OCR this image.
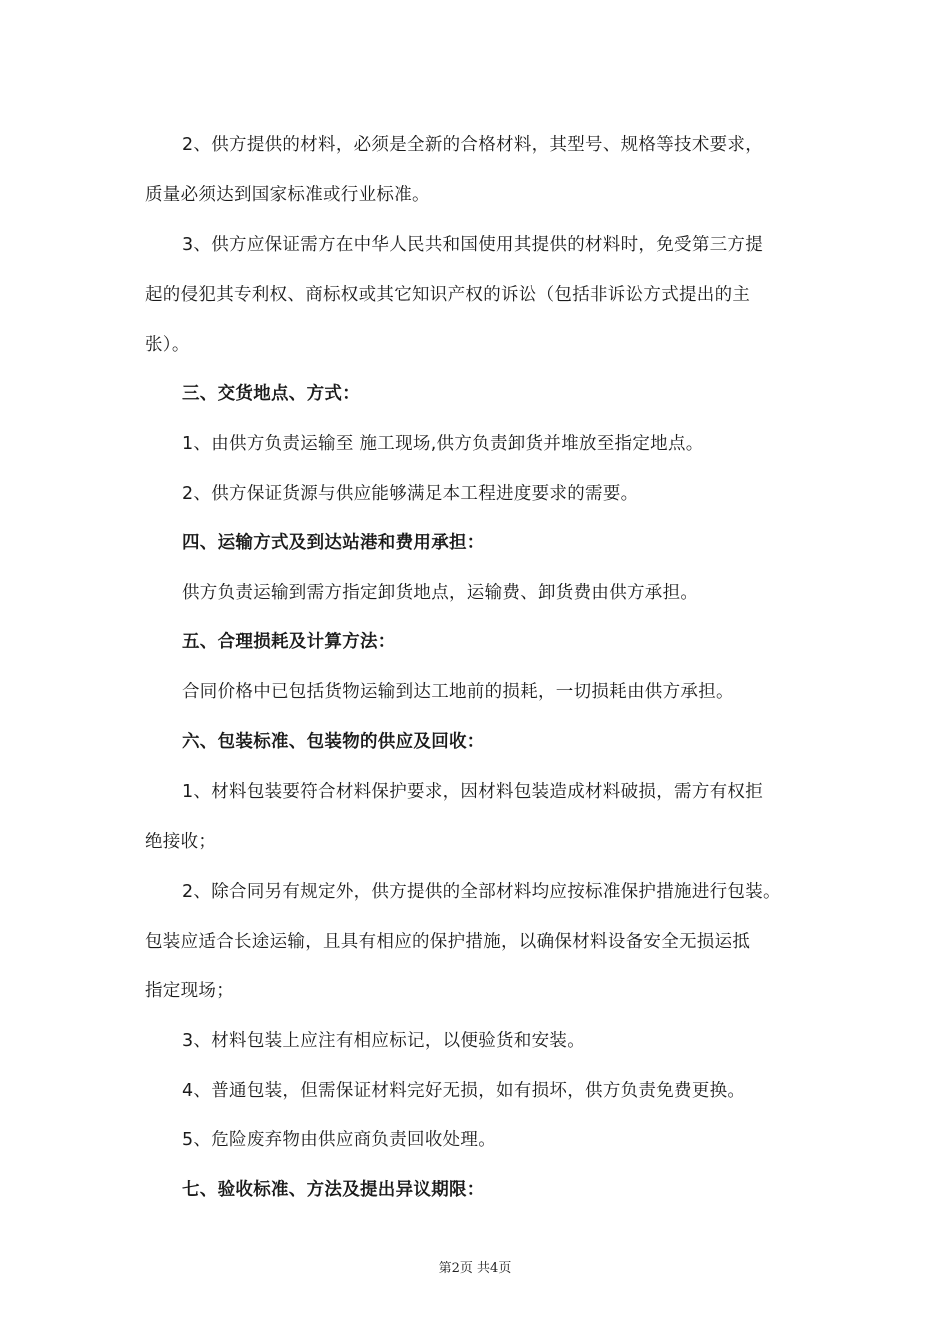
2、供方提供的材料，必须是全新的合格材料，其型号、规格等技术要求，
质量必须达到国家标准或行业标准。
3、供方应保证需方在中华人民共和国使用其提供的材料时，免受第三方提
起的侵犯其专利权、商标权或其它知识产权的诉讼（包括非诉讼方式提出的主
张）。
三、交货地点、方式：
1、由供方负责运输至 施工现场,供方负责卸货并堆放至指定地点。
2、供方保证货源与供应能够满足本工程进度要求的需要。
四、运输方式及到达站港和费用承担：
供方负责运输到需方指定卸货地点，运输费、卸货费由供方承担。
五、合理损耗及计算方法：
合同价格中已包括货物运输到达工地前的损耗，一切损耗由供方承担。
六、包装标准、包装物的供应及回收：
1、材料包装要符合材料保护要求，因材料包装造成材料破损，需方有权拒
绝接收；
2、除合同另有规定外，供方提供的全部材料均应按标准保护措施进行包装。
包装应适合长途运输，且具有相应的保护措施，以确保材料设备安全无损运抵
指定现场；
3、材料包装上应注有相应标记，以便验货和安装。
4、普通包装，但需保证材料完好无损，如有损坏，供方负责免费更换。
5、危险废弃物由供应商负责回收处理。
七、验收标准、方法及提出异议期限：
第2页 共4页
